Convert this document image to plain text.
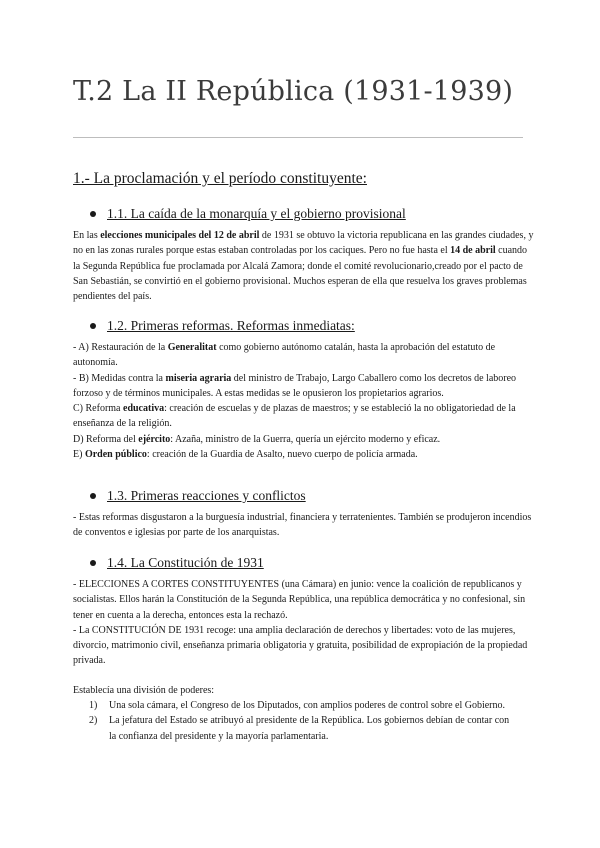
T.2 La II República (1931-1939)
1.- La proclamación y el período constituyente:
1.1. La caída de la monarquía y el gobierno provisional

En las elecciones municipales del 12 de abril de 1931 se obtuvo la victoria republicana en las grandes ciudades, y no en las zonas rurales porque estas estaban controladas por los caciques. Pero no fue hasta el 14 de abril cuando la Segunda República fue proclamada por Alcalá Zamora; donde el comité revolucionario,creado por el pacto de San Sebastián, se convirtió en el gobierno provisional. Muchos esperan de ella que resuelva los graves problemas pendientes del país.

1.2. Primeras reformas. Reformas inmediatas:

- A) Restauración de la Generalitat como gobierno autónomo catalán, hasta la aprobación del estatuto de autonomía.

- B) Medidas contra la miseria agraria del ministro de Trabajo, Largo Caballero como los decretos de laboreo forzoso y de términos municipales. A estas medidas se le opusieron los propietarios agrarios.

C) Reforma educativa: creación de escuelas y de plazas de maestros; y se estableció la no obligatoriedad de la enseñanza de la religión.

D) Reforma del ejército: Azaña, ministro de la Guerra, quería un ejército moderno y eficaz.

E) Orden público: creación de la Guardia de Asalto, nuevo cuerpo de policía armada.

1.3. Primeras reacciones y conflictos

- Estas reformas disgustaron a la burguesía industrial, financiera y terratenientes. También se produjeron incendios de conventos e iglesias por parte de los anarquistas.

1.4. La Constitución de 1931

- ELECCIONES A CORTES CONSTITUYENTES (una Cámara) en junio: vence la coalición de republicanos y socialistas. Ellos harán la Constitución de la Segunda República, una república democrática y no confesional, sin tener en cuenta a la derecha, entonces esta la rechazó.

- La CONSTITUCIÓN DE 1931 recoge: una amplia declaración de derechos y libertades: voto de las mujeres, divorcio, matrimonio civil, enseñanza primaria obligatoria y gratuita, posibilidad de expropiación de la propiedad privada.

Establecía una división de poderes:

1) Una sola cámara, el Congreso de los Diputados, con amplios poderes de control sobre el Gobierno.
2) La jefatura del Estado se atribuyó al presidente de la República. Los gobiernos debían de contar con la confianza del presidente y la mayoría parlamentaria.
